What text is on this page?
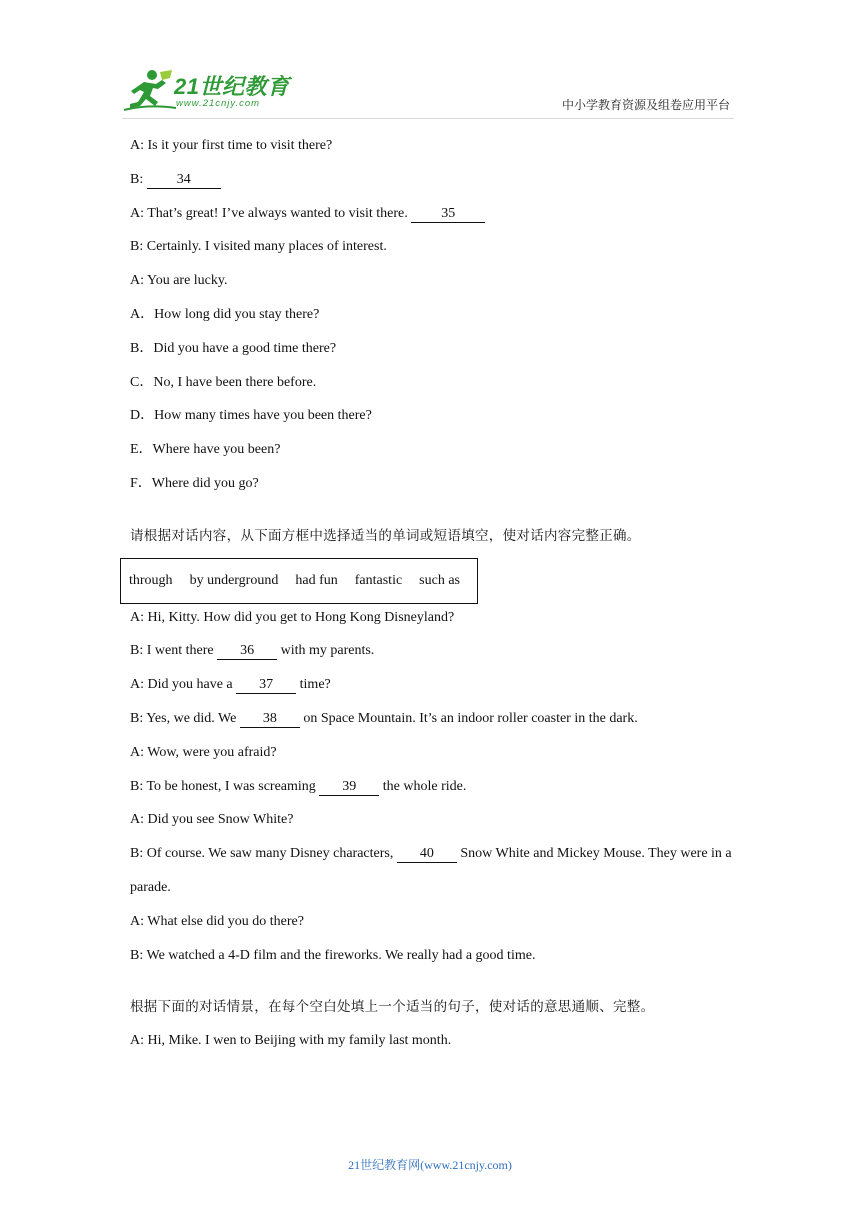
21世纪教育
www.21cnjy.com	中小学教育资源及组卷应用平台
A: Is it your first time to visit there?
B: 34
A: That’s great! I’ve always wanted to visit there. 35
B: Certainly. I visited many places of interest.
A: You are lucky.
A．How long did you stay there?
B．Did you have a good time there?
C．No, I have been there before.
D．How many times have you been there?
E．Where have you been?
F．Where did you go?
请根据对话内容，从下面方框中选择适当的单词或短语填空，使对话内容完整正确。
through by underground had fun fantastic such as
A: Hi, Kitty. How did you get to Hong Kong Disneyland?
B: I went there 36 with my parents.
A: Did you have a 37 time?
B: Yes, we did. We 38 on Space Mountain. It’s an indoor roller coaster in the dark.
A: Wow, were you afraid?
B: To be honest, I was screaming 39 the whole ride.
A: Did you see Snow White?
B: Of course. We saw many Disney characters, 40 Snow White and Mickey Mouse. They were in a parade.
A: What else did you do there?
B: We watched a 4-D film and the fireworks. We really had a good time.
根据下面的对话情景，在每个空白处填上一个适当的句子，使对话的意思通顺、完整。
A: Hi, Mike. I wen to Beijing with my family last month.
21世纪教育网(www.21cnjy.com)
